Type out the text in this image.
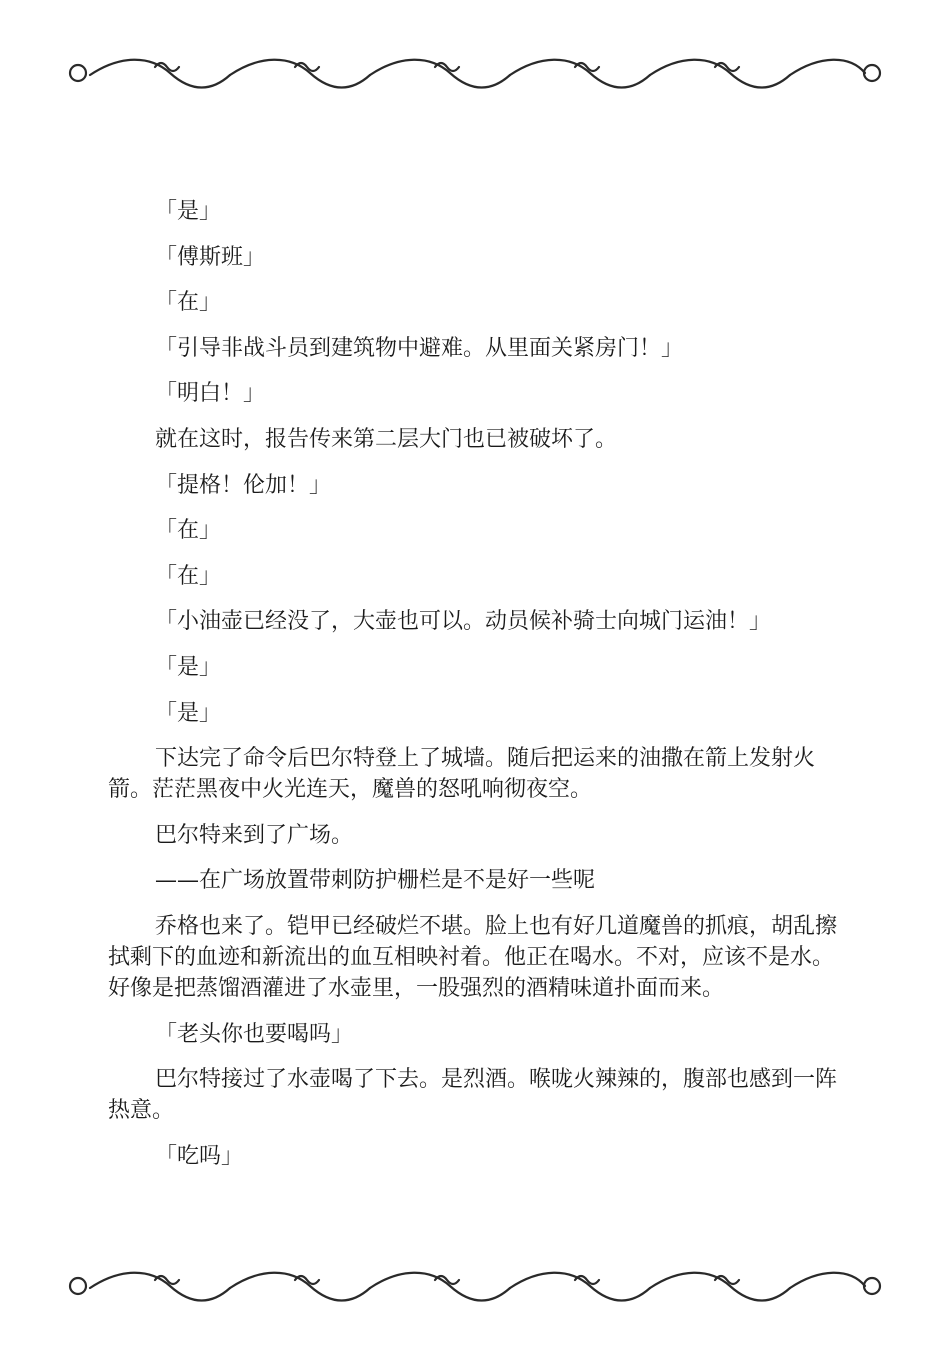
「是」

「傅斯班」

「在」

「引导非战斗员到建筑物中避难。从里面关紧房门！」

「明白！」

就在这时，报告传来第二层大门也已被破坏了。

「提格！伦加！」

「在」

「在」

「小油壶已经没了，大壶也可以。动员候补骑士向城门运油！」

「是」

「是」

下达完了命令后巴尔特登上了城墙。随后把运来的油撒在箭上发射火箭。茫茫黑夜中火光连天，魔兽的怒吼响彻夜空。

巴尔特来到了广场。

——在广场放置带刺防护栅栏是不是好一些呢

乔格也来了。铠甲已经破烂不堪。脸上也有好几道魔兽的抓痕，胡乱擦拭剩下的血迹和新流出的血互相映衬着。他正在喝水。不对，应该不是水。好像是把蒸馏酒灌进了水壶里，一股强烈的酒精味道扑面而来。

「老头你也要喝吗」

巴尔特接过了水壶喝了下去。是烈酒。喉咙火辣辣的，腹部也感到一阵热意。

「吃吗」
